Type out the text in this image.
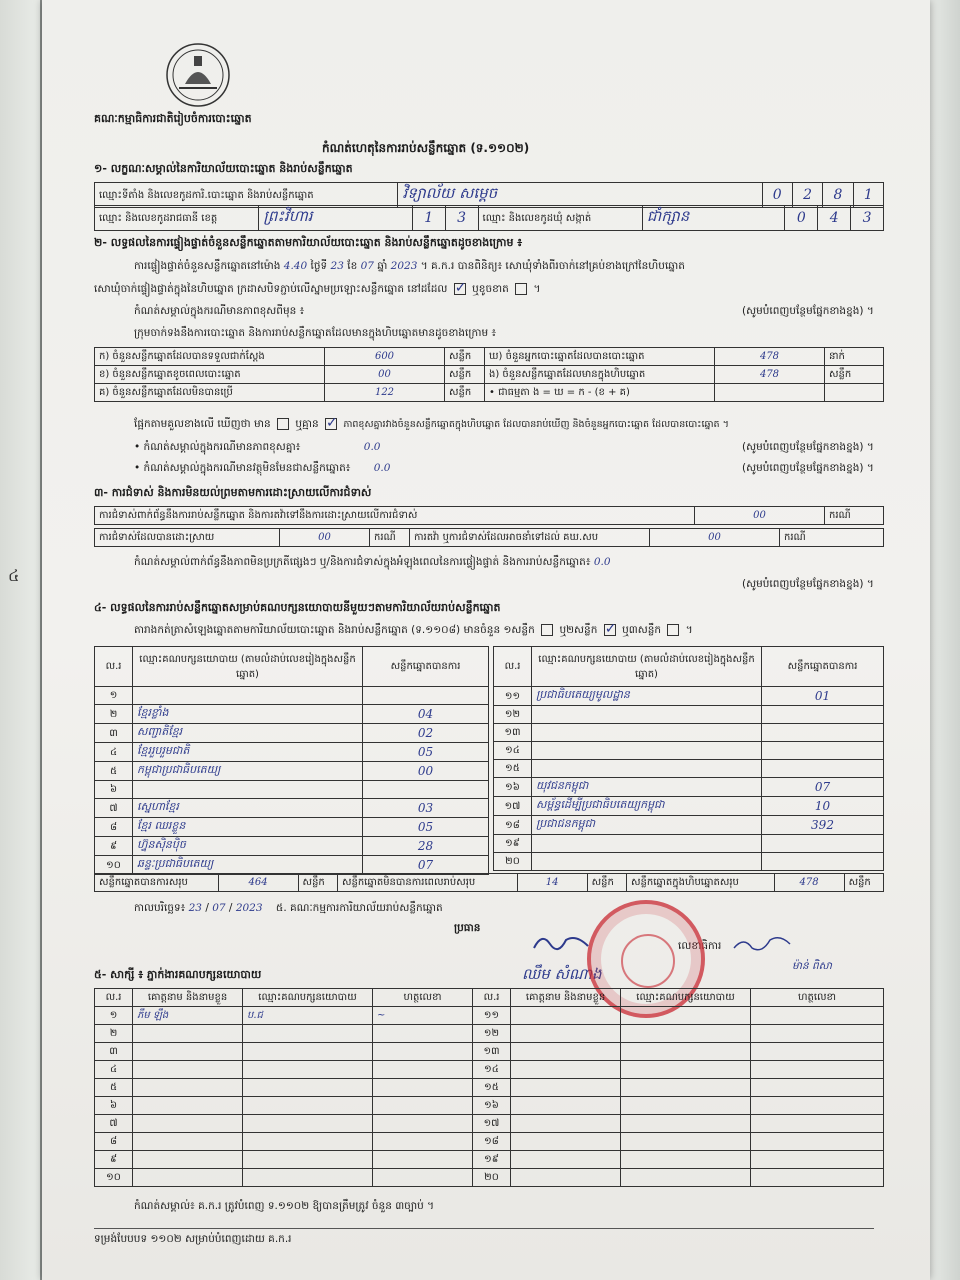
៤
គណៈកម្មាធិការជាតិរៀបចំការបោះឆ្នោត
កំណត់ហេតុនៃការរាប់សន្លឹកឆ្នោត (ទ.១១០២)
១- លក្ខណៈសម្គាល់នៃការិយាល័យបោះឆ្នោត និងរាប់សន្លឹកឆ្នោត
ឈ្មោះទីតាំង និងលេខកូដការិ.បោះឆ្នោត និងរាប់សន្លឹកឆ្នោត	វិទ្យាល័យ សម្តេច	0	2	8	1
ឈ្មោះ និងលេខកូដរាជធានី ខេត្ត	ព្រះវិហារ	1	3	ឈ្មោះ និងលេខកូដឃុំ សង្កាត់	ជាំក្សាន	0	4	3
២- លទ្ធផលនៃការផ្ទៀងផ្ទាត់ចំនួនសន្លឹកឆ្នោតតាមការិយាល័យបោះឆ្នោត និងរាប់សន្លឹកឆ្នោតដូចខាងក្រោម ៖
ការផ្ទៀងផ្ទាត់ចំនួនសន្លឹកឆ្នោតនៅម៉ោង 4.40 ថ្ងៃទី 23 ខែ 07 ឆ្នាំ 2023 ។ គ.ក.រ បានពិនិត្យ៖ សោឃុំទាំងពីរចាក់នៅគ្រប់ខាងក្រៅនៃហិបឆ្នោត
សោឃុំចាក់ផ្ទៀងផ្ទាត់ក្នុងនៃហិបឆ្នោត ក្រដាសបិទភ្ជាប់លើស្នាមប្រឡោះសន្លឹកឆ្នោត នៅដដែល ✓ ឬខូចខាត  ។
កំណត់សម្គាល់ក្នុងករណីមានភាពខុសពីមុន ៖	(សូមបំពេញបន្ថែមផ្នែកខាងខ្នង) ។
ក្រុមចាក់ទងនឹងការបោះឆ្នោត និងការរាប់សន្លឹកឆ្នោតដែលមានក្នុងហិបឆ្នោតមានដូចខាងក្រោម ៖
ក) ចំនួនសន្លឹកឆ្នោតដែលបានទទួលជាក់ស្តែង	600	សន្លឹក	ឃ) ចំនួនអ្នកបោះឆ្នោតដែលបានបោះឆ្នោត	478	នាក់
ខ) ចំនួនសន្លឹកឆ្នោតខូចពេលបោះឆ្នោត	00	សន្លឹក	ង) ចំនួនសន្លឹកឆ្នោតដែលមានក្នុងហិបឆ្នោត	478	សន្លឹក
គ) ចំនួនសន្លឹកឆ្នោតដែលមិនបានប្រើ	122	សន្លឹក	• ជាធម្មតា ង = ឃ = ក - (ខ + គ)		
ផ្អែកតាមគួលខាងលើ ឃើញថា មាន ឬគ្មាន ✓	ភាពខុសគ្នារវាងចំនួនសន្លឹកឆ្នោតក្នុងហិបឆ្នោត ដែលបានរាប់ឃើញ និងចំនួនអ្នកបោះឆ្នោត ដែលបានបោះឆ្នោត ។
• កំណត់សម្គាល់ក្នុងករណីមានភាពខុសគ្នា៖	0.0	(សូមបំពេញបន្ថែមផ្នែកខាងខ្នង) ។
• កំណត់សម្គាល់ក្នុងករណីមានវត្ថុមិនមែនជាសន្លឹកឆ្នោត៖ 0.0	(សូមបំពេញបន្ថែមផ្នែកខាងខ្នង) ។
៣- ការជំទាស់ និងការមិនយល់ព្រមតាមការដោះស្រាយលើការជំទាស់
ការជំទាស់ពាក់ព័ន្ធនឹងការរាប់សន្លឹកឆ្នោត និងការតវ៉ាទៅនឹងការដោះស្រាយលើការជំទាស់	00	ករណី
ការជំទាស់ដែលបានដោះស្រាយ	00	ករណី	ការតវ៉ា ឬការជំទាស់ដែលអាចនាំទៅដល់ គឃ.សប	00	ករណី
កំណត់សម្គាល់ពាក់ព័ន្ធនឹងភាពមិនប្រក្រតីផ្សេងៗ ឬ/និងការជំទាស់ក្នុងអំឡុងពេលនៃការផ្ទៀងផ្ទាត់ និងការរាប់សន្លឹកឆ្នោត៖ 0.0
(សូមបំពេញបន្ថែមផ្នែកខាងខ្នង) ។
៤- លទ្ធផលនៃការរាប់សន្លឹកឆ្នោតសម្រាប់គណបក្សនយោបាយនីមួយៗតាមការិយាល័យរាប់សន្លឹកឆ្នោត
តារាងកត់ត្រាសំឡេងឆ្នោតតាមការិយាល័យបោះឆ្នោត និងរាប់សន្លឹកឆ្នោត (ទ.១១០៨) មានចំនួន ១សន្លឹក ឬ២សន្លឹក ✓ ឬ៣សន្លឹក  ។
ល.រ	ឈ្មោះគណបក្សនយោបាយ (តាមលំដាប់លេខរៀងក្នុងសន្លឹកឆ្នោត)	សន្លឹកឆ្នោតបានការ
១		
២	ខ្មែរខ្លាំង	04
៣	សញ្ជាតិខ្មែរ	02
៤	ខ្មែររួបរួមជាតិ	05
៥	កម្ពុជាប្រជាធិបតេយ្យ	00
៦		
៧	ស្នេហាខ្មែរ	03
៨	ខ្មែរ ឈរខ្លួន	05
៩	ហ្វ៊ុនស៊ិនប៉ិច	28
១០	ឆន្ទៈប្រជាធិបតេយ្យ	07
ល.រ	ឈ្មោះគណបក្សនយោបាយ (តាមលំដាប់លេខរៀងក្នុងសន្លឹកឆ្នោត)	សន្លឹកឆ្នោតបានការ
១១	ប្រជាធិបតេយ្យមូលដ្ឋាន	01
១២		
១៣		
១៤		
១៥		
១៦	យុវជនកម្ពុជា	07
១៧	សម្ព័ន្ធដើម្បីប្រជាធិបតេយ្យកម្ពុជា	10
១៨	ប្រជាជនកម្ពុជា	392
១៩		
២០		
សន្លឹកឆ្នោតបានការសរុប	464	សន្លឹក	សន្លឹកឆ្នោតមិនបានការពេលរាប់សរុប	14	សន្លឹក	សន្លឹកឆ្នោតក្នុងហិបឆ្នោតសរុប	478	សន្លឹក
កាលបរិច្ឆេទ៖ 23 / 07 / 2023 ៥. គណៈកម្មការការិយាល័យរាប់សន្លឹកឆ្នោត
ប្រធាន
លេខាធិការ
ឈឹម សំណាង	ម៉ាន់ ពិសា
៥- សាក្សី ៖ ភ្នាក់ងារគណបក្សនយោបាយ
ល.រ	គោត្តនាម និងនាមខ្លួន	ឈ្មោះគណបក្សនយោបាយ	ហត្ថលេខា	ល.រ	គោត្តនាម និងនាមខ្លួន	ឈ្មោះគណបក្សនយោបាយ	ហត្ថលេខា
១	ភឹម ឡឹង	ប.ជ	~	១១			
២				១២			
៣				១៣			
៤				១៤			
៥				១៥			
៦				១៦			
៧				១៧			
៨				១៨			
៩				១៩			
១០				២០			
កំណត់សម្គាល់៖ គ.ក.រ ត្រូវបំពេញ ទ.១១០២ ឱ្យបានត្រឹមត្រូវ ចំនួន ៣ច្បាប់ ។
ទម្រង់បែបបទ ១១០២ សម្រាប់បំពេញដោយ គ.ក.រ
